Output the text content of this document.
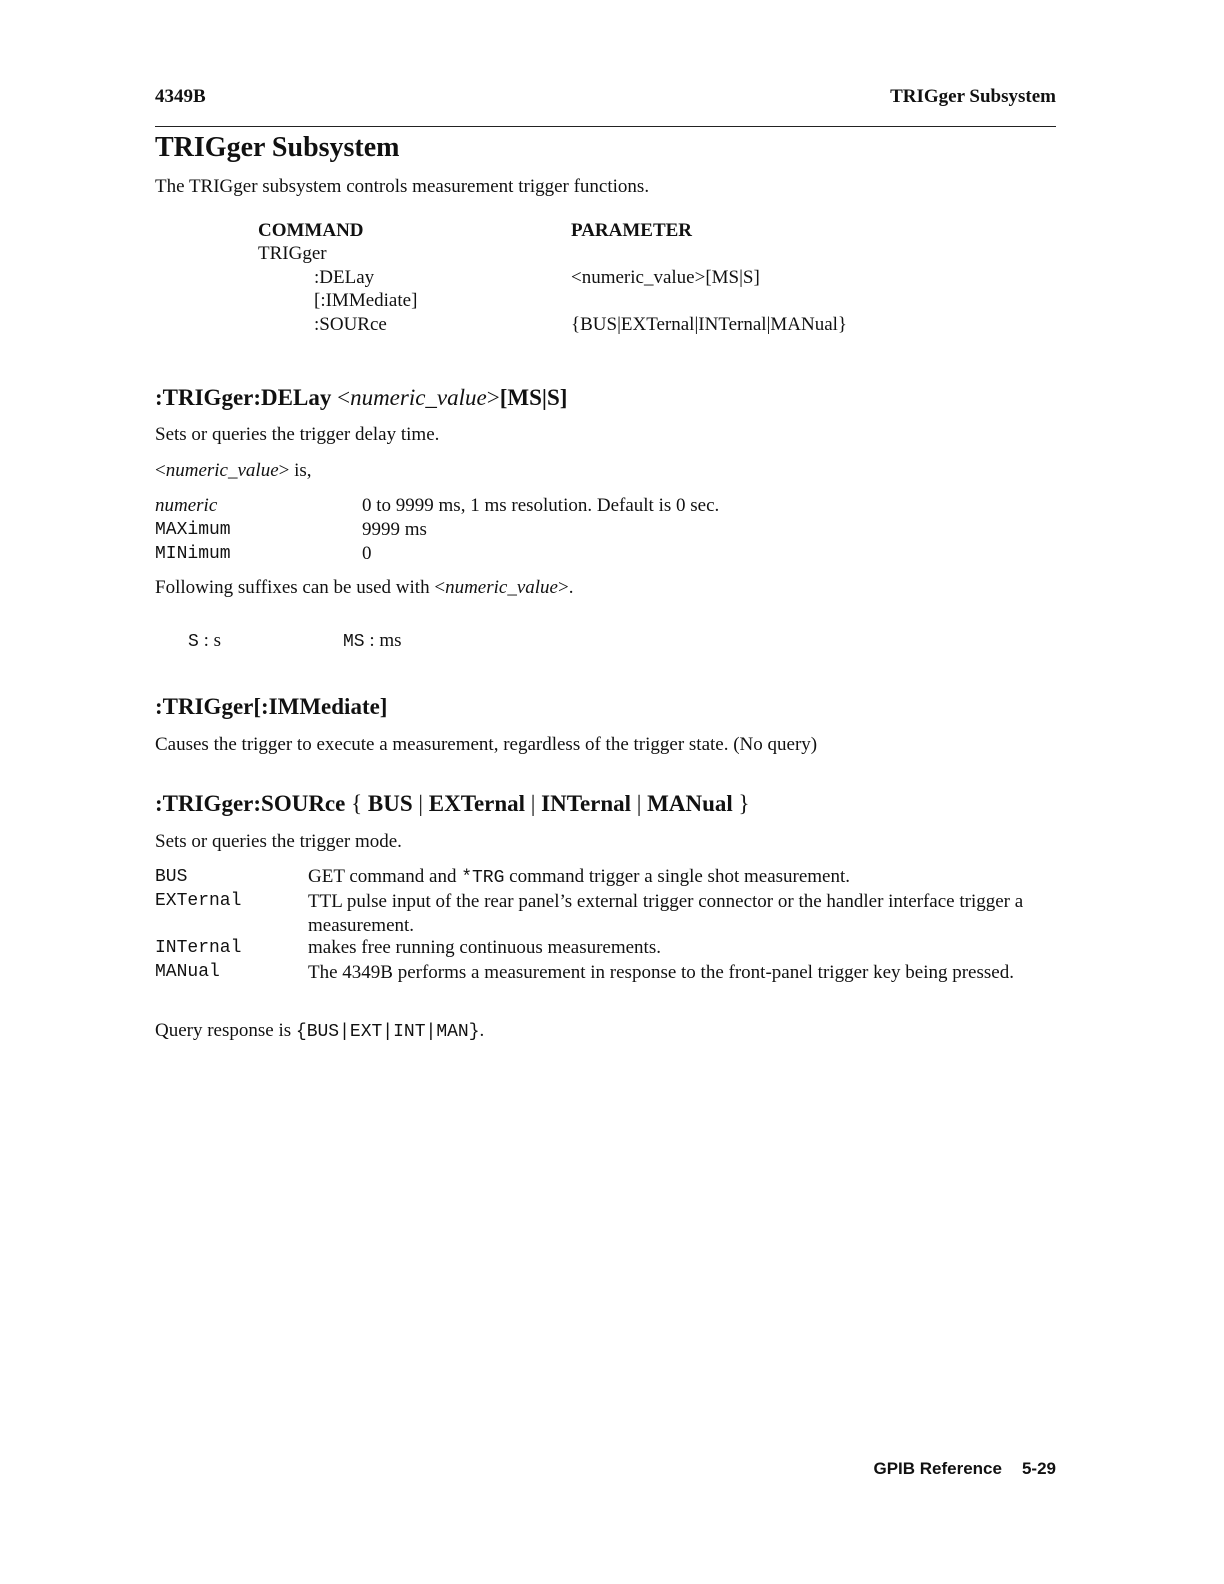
4349B	TRIGger Subsystem
TRIGger Subsystem
The TRIGger subsystem controls measurement trigger functions.
COMMAND	PARAMETER
TRIGger
:DELay	<numeric_value>[MS|S]
[:IMMediate]
:SOURce	{BUS|EXTernal|INTernal|MANual}
:TRIGger:DELay <numeric_value>[MS|S]
Sets or queries the trigger delay time.
<numeric_value> is,
numeric	0 to 9999 ms, 1 ms resolution. Default is 0 sec.
MAXimum	9999 ms
MINimum	0
Following suffixes can be used with <numeric_value>.
S : s	MS : ms
:TRIGger[:IMMediate]
Causes the trigger to execute a measurement, regardless of the trigger state. (No query)
:TRIGger:SOURce { BUS | EXTernal | INTernal | MANual }
Sets or queries the trigger mode.
BUS	GET command and *TRG command trigger a single shot measurement.
EXTernal	TTL pulse input of the rear panel’s external trigger connector or the handler interface trigger a measurement.
INTernal	makes free running continuous measurements.
MANual	The 4349B performs a measurement in response to the front-panel trigger key being pressed.
Query response is {BUS|EXT|INT|MAN}.
GPIB Reference 5-29
